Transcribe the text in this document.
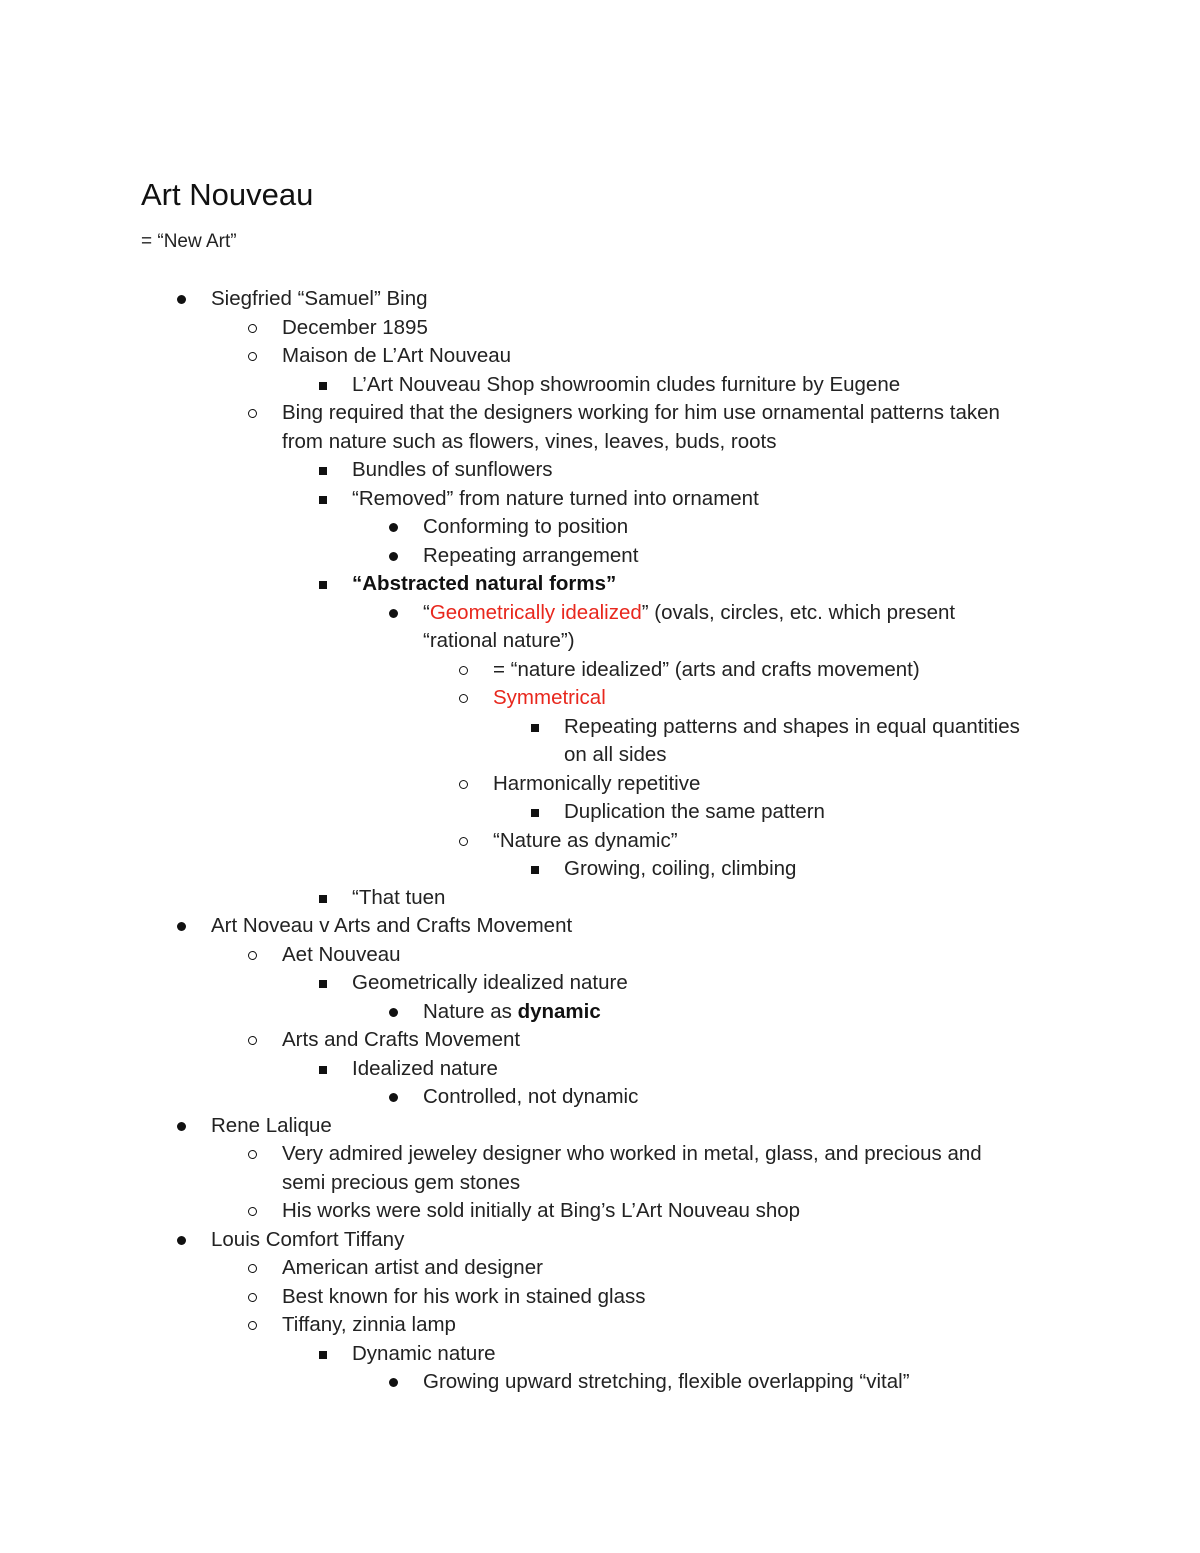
Art Nouveau
= “New Art”
Siegfried “Samuel” Bing
December 1895
Maison de L’Art Nouveau
L’Art Nouveau Shop showroomin cludes furniture by Eugene
Bing required that the designers working for him use ornamental patterns taken
from nature such as flowers, vines, leaves, buds, roots
Bundles of sunflowers
“Removed” from nature turned into ornament
Conforming to position
Repeating arrangement
“Abstracted natural forms”
“Geometrically idealized” (ovals, circles, etc. which present
“rational nature”)
= “nature idealized” (arts and crafts movement)
Symmetrical
Repeating patterns and shapes in equal quantities
on all sides
Harmonically repetitive
Duplication the same pattern
“Nature as dynamic”
Growing, coiling, climbing
“That tuen
Art Noveau v Arts and Crafts Movement
Aet Nouveau
Geometrically idealized nature
Nature as dynamic
Arts and Crafts Movement
Idealized nature
Controlled, not dynamic
Rene Lalique
Very admired jeweley designer who worked in metal, glass, and precious and
semi precious gem stones
His works were sold initially at Bing’s L’Art Nouveau shop
Louis Comfort Tiffany
American artist and designer
Best known for his work in stained glass
Tiffany, zinnia lamp
Dynamic nature
Growing upward stretching, flexible overlapping “vital”
